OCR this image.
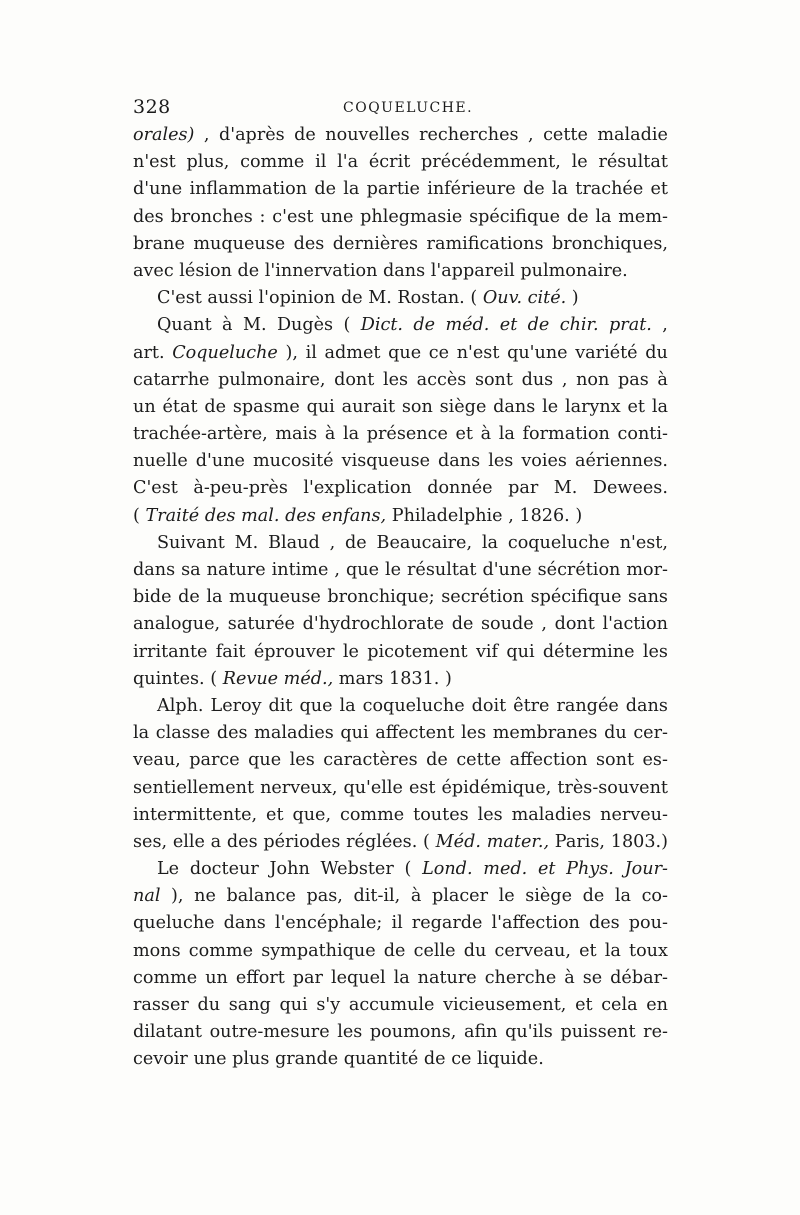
328	COQUELUCHE.
orales) , d'après de nouvelles recherches , cette maladie
n'est plus, comme il l'a écrit précédemment, le résultat
d'une inflammation de la partie inférieure de la trachée et
des bronches : c'est une phlegmasie spécifique de la mem-
brane muqueuse des dernières ramifications bronchiques,
avec lésion de l'innervation dans l'appareil pulmonaire.
C'est aussi l'opinion de M. Rostan. ( Ouv. cité. )
Quant à M. Dugès ( Dict. de méd. et de chir. prat. ,
art. Coqueluche ), il admet que ce n'est qu'une variété du
catarrhe pulmonaire, dont les accès sont dus , non pas à
un état de spasme qui aurait son siège dans le larynx et la
trachée-artère, mais à la présence et à la formation conti-
nuelle d'une mucosité visqueuse dans les voies aériennes.
C'est à-peu-près l'explication donnée par M. Dewees.
( Traité des mal. des enfans, Philadelphie , 1826. )
Suivant M. Blaud , de Beaucaire, la coqueluche n'est,
dans sa nature intime , que le résultat d'une sécrétion mor-
bide de la muqueuse bronchique; secrétion spécifique sans
analogue, saturée d'hydrochlorate de soude , dont l'action
irritante fait éprouver le picotement vif qui détermine les
quintes. ( Revue méd., mars 1831. )
Alph. Leroy dit que la coqueluche doit être rangée dans
la classe des maladies qui affectent les membranes du cer-
veau, parce que les caractères de cette affection sont es-
sentiellement nerveux, qu'elle est épidémique, très-souvent
intermittente, et que, comme toutes les maladies nerveu-
ses, elle a des périodes réglées. ( Méd. mater., Paris, 1803.)
Le docteur John Webster ( Lond. med. et Phys. Jour-
nal ), ne balance pas, dit-il, à placer le siège de la co-
queluche dans l'encéphale; il regarde l'affection des pou-
mons comme sympathique de celle du cerveau, et la toux
comme un effort par lequel la nature cherche à se débar-
rasser du sang qui s'y accumule vicieusement, et cela en
dilatant outre-mesure les poumons, afin qu'ils puissent re-
cevoir une plus grande quantité de ce liquide.
